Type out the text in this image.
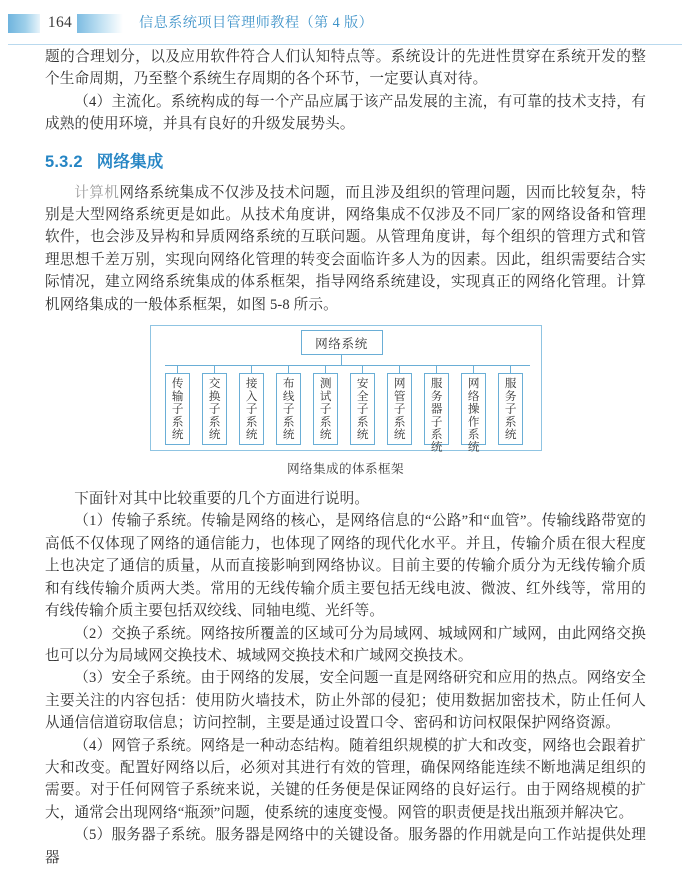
164	信息系统项目管理师教程（第 4 版）

题的合理划分，以及应用软件符合人们认知特点等。系统设计的先进性贯穿在系统开发的整个生命周期，乃至整个系统生存周期的各个环节，一定要认真对待。

（4）主流化。系统构成的每一个产品应属于该产品发展的主流，有可靠的技术支持，有成熟的使用环境，并具有良好的升级发展势头。

5.3.2 网络集成

计算机网络系统集成不仅涉及技术问题，而且涉及组织的管理问题，因而比较复杂，特别是大型网络系统更是如此。从技术角度讲，网络集成不仅涉及不同厂家的网络设备和管理软件，也会涉及异构和异质网络系统的互联问题。从管理角度讲，每个组织的管理方式和管理思想千差万别，实现向网络化管理的转变会面临许多人为的因素。因此，组织需要结合实际情况，建立网络系统集成的体系框架，指导网络系统建设，实现真正的网络化管理。计算机网络集成的一般体系框架，如图 5-8 所示。

网络系统
传输子系统 交换子系统 接入子系统 布线子系统 测试子系统 安全子系统 网管子系统 服务器子系统 网络操作系统 服务子系统
网络集成的体系框架

下面针对其中比较重要的几个方面进行说明。

（1）传输子系统。传输是网络的核心，是网络信息的“公路”和“血管”。传输线路带宽的高低不仅体现了网络的通信能力，也体现了网络的现代化水平。并且，传输介质在很大程度上也决定了通信的质量，从而直接影响到网络协议。目前主要的传输介质分为无线传输介质和有线传输介质两大类。常用的无线传输介质主要包括无线电波、微波、红外线等，常用的有线传输介质主要包括双绞线、同轴电缆、光纤等。

（2）交换子系统。网络按所覆盖的区域可分为局域网、城域网和广域网，由此网络交换也可以分为局域网交换技术、城域网交换技术和广域网交换技术。

（3）安全子系统。由于网络的发展，安全问题一直是网络研究和应用的热点。网络安全主要关注的内容包括：使用防火墙技术，防止外部的侵犯；使用数据加密技术，防止任何人从通信信道窃取信息；访问控制，主要是通过设置口令、密码和访问权限保护网络资源。

（4）网管子系统。网络是一种动态结构。随着组织规模的扩大和改变，网络也会跟着扩大和改变。配置好网络以后，必须对其进行有效的管理，确保网络能连续不断地满足组织的需要。对于任何网管子系统来说，关键的任务便是保证网络的良好运行。由于网络规模的扩大，通常会出现网络“瓶颈”问题，使系统的速度变慢。网管的职责便是找出瓶颈并解决它。

（5）服务器子系统。服务器是网络中的关键设备。服务器的作用就是向工作站提供处理器
